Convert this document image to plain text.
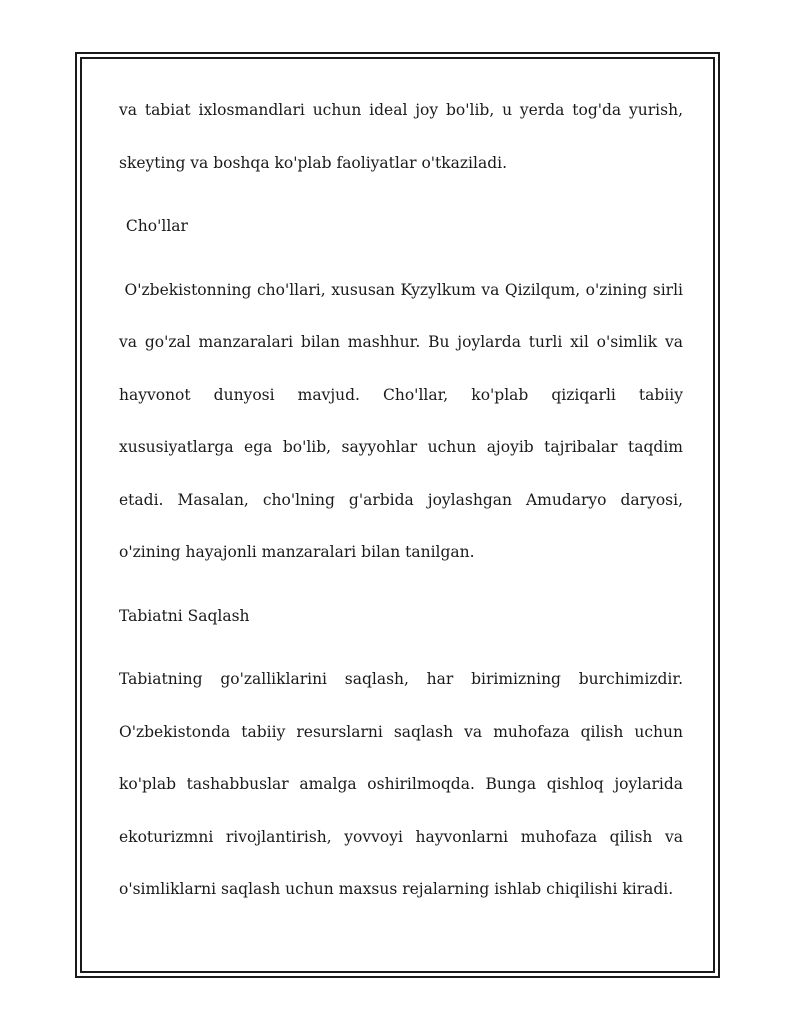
va tabiat ixlosmandlari uchun ideal joy bo'lib, u yerda tog'da yurish, skeyting va boshqa ko'plab faoliyatlar o'tkaziladi.

Cho'llar

O'zbekistonning cho'llari, xususan Kyzylkum va Qizilqum, o'zining sirli va go'zal manzaralari bilan mashhur. Bu joylarda turli xil o'simlik va hayvonot dunyosi mavjud. Cho'llar, ko'plab qiziqarli tabiiy xususiyatlarga ega bo'lib, sayyohlar uchun ajoyib tajribalar taqdim etadi. Masalan, cho'lning g'arbida joylashgan Amudaryo daryosi, o'zining hayajonli manzaralari bilan tanilgan.

Tabiatni Saqlash

Tabiatning go'zalliklarini saqlash, har birimizning burchimizdir. O'zbekistonda tabiiy resurslarni saqlash va muhofaza qilish uchun ko'plab tashabbuslar amalga oshirilmoqda. Bunga qishloq joylarida ekoturizmni rivojlantirish, yovvoyi hayvonlarni muhofaza qilish va o'simliklarni saqlash uchun maxsus rejalarning ishlab chiqilishi kiradi.
